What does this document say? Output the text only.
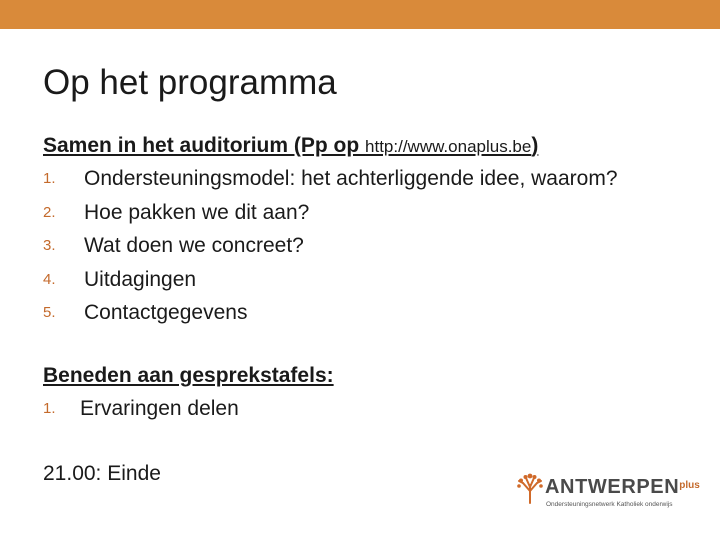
Op het programma
Samen in het auditorium (Pp op http://www.onaplus.be)
1. Ondersteuningsmodel: het achterliggende idee, waarom?
2. Hoe pakken we dit aan?
3. Wat doen we concreet?
4. Uitdagingen
5. Contactgegevens
Beneden aan gesprekstafels:
1. Ervaringen delen
21.00: Einde
$ANTWERPEN^{plus}$
Ondersteuningsnetwerk Katholiek onderwijs
